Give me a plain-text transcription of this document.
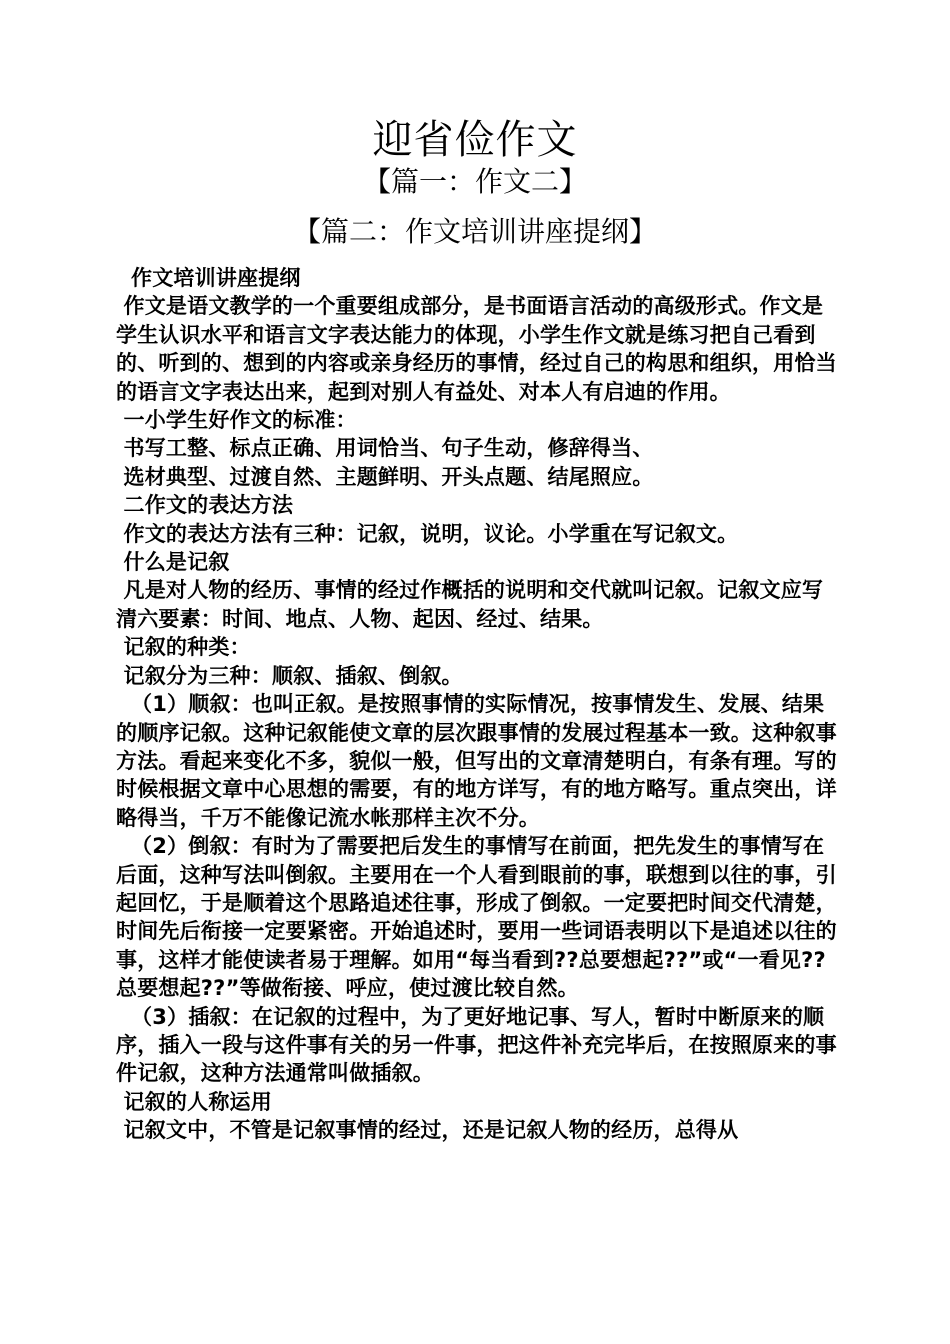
迎省俭作文
【篇一：作文二】
【篇二：作文培训讲座提纲】

作文培训讲座提纲

作文是语文教学的一个重要组成部分，是书面语言活动的高级形式。作文是学生认识水平和语言文字表达能力的体现，小学生作文就是练习把自己看到的、听到的、想到的内容或亲身经历的事情，经过自己的构思和组织，用恰当的语言文字表达出来，起到对别人有益处、对本人有启迪的作用。

一小学生好作文的标准：

书写工整、标点正确、用词恰当、句子生动，修辞得当、

选材典型、过渡自然、主题鲜明、开头点题、结尾照应。

二作文的表达方法

作文的表达方法有三种：记叙，说明，议论。小学重在写记叙文。

什么是记叙

凡是对人物的经历、事情的经过作概括的说明和交代就叫记叙。记叙文应写清六要素：时间、地点、人物、起因、经过、结果。

记叙的种类：

记叙分为三种：顺叙、插叙、倒叙。

（1）顺叙：也叫正叙。是按照事情的实际情况，按事情发生、发展、结果的顺序记叙。这种记叙能使文章的层次跟事情的发展过程基本一致。这种叙事方法。看起来变化不多，貌似一般，但写出的文章清楚明白，有条有理。写的时候根据文章中心思想的需要，有的地方详写，有的地方略写。重点突出，详略得当，千万不能像记流水帐那样主次不分。

（2）倒叙：有时为了需要把后发生的事情写在前面，把先发生的事情写在后面，这种写法叫倒叙。主要用在一个人看到眼前的事，联想到以往的事，引起回忆，于是顺着这个思路追述往事，形成了倒叙。一定要把时间交代清楚，时间先后衔接一定要紧密。开始追述时，要用一些词语表明以下是追述以往的事，这样才能使读者易于理解。如用“每当看到??总要想起??”或“一看见??总要想起??”等做衔接、呼应，使过渡比较自然。

（3）插叙：在记叙的过程中，为了更好地记事、写人，暂时中断原来的顺序，插入一段与这件事有关的另一件事，把这件补充完毕后，在按照原来的事件记叙，这种方法通常叫做插叙。

记叙的人称运用

记叙文中，不管是记叙事情的经过，还是记叙人物的经历，总得从
